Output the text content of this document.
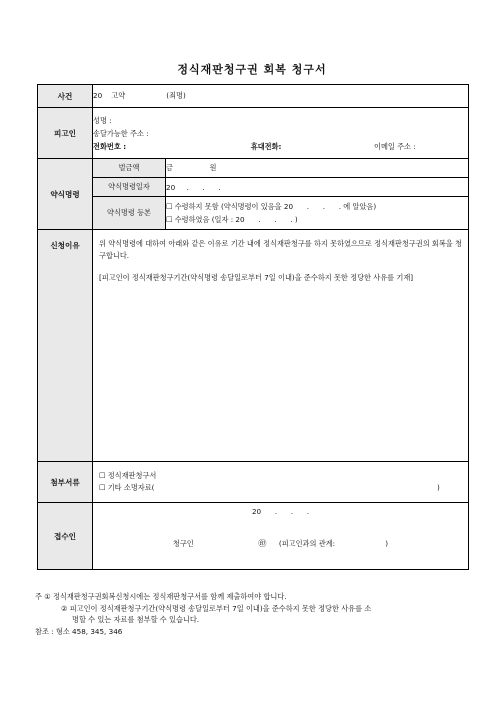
정식재판청구권 회복 청구서
사건	20    고약                  (죄명)	
피고인	성명 :
송달가능한 주소 :
전화번호 : 휴대전화: 이메일 주소 :	

약식명령	벌금액	금                원
	약식명령일자	20     .      .      .
	약식명령 등본	☐ 수령하지 못함 (약식명령이 있음을 20      .      .      . 에 알았음)
☐ 수령하였음 (일자 : 20      .      .      . )

신청이유	위 약식명령에 대하여 아래와 같은 이유로 기간 내에 정식재판청구를 하지 못하였으므로 정식재판청구권의 회복을 청구합니다.
[피고인이 정식재판청구기간(약식명령 송달일로부터 7일 이내)을 준수하지 못한 정당한 사유를 기재]	

첨부서류	☐ 정식재판청구서
☐ 기타 소명자료( )	

접수인	20      .      .      .
청구인 ㊞ (피고인과의 관계:                      )	
주 ① 정식재판청구권회복신청시에는 정식재판청구서를 함께 제출하여야 합니다.
② 피고인이 정식재판청구기간(약식명령 송달일로부터 7일 이내)을 준수하지 못한 정당한 사유를 소
명할 수 있는 자료를 첨부할 수 있습니다.
참조 : 형소 458, 345, 346
